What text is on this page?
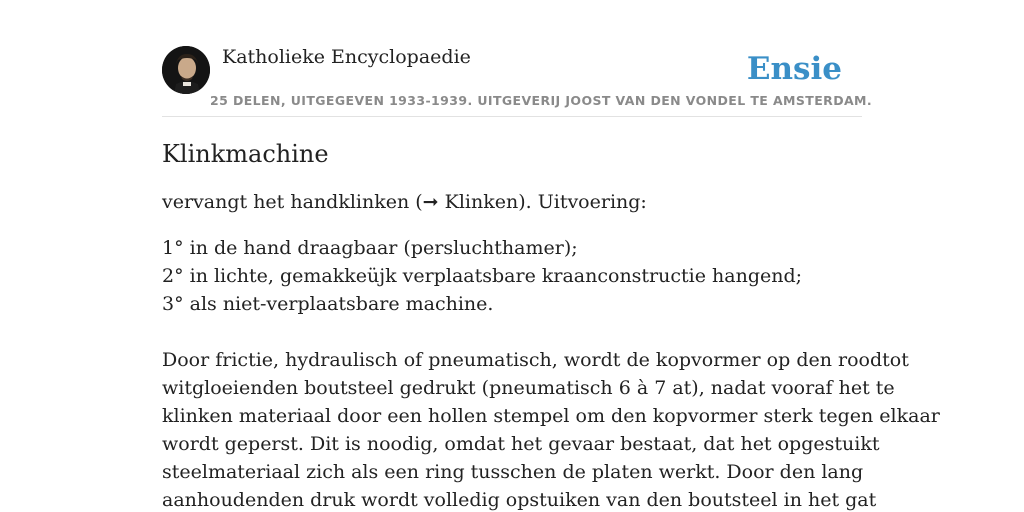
Katholieke Encyclopaedie
25 DELEN, UITGEGEVEN 1933-1939. UITGEVERIJ JOOST VAN DEN VONDEL TE AMSTERDAM.
Ensie
Klinkmachine

vervangt het handklinken (➞ Klinken). Uitvoering:

1° in de hand draagbaar (persluchthamer);
2° in lichte, gemakkeüjk verplaatsbare kraanconstructie hangend;
3° als niet-verplaatsbare machine.
Door frictie, hydraulisch of pneumatisch, wordt de kopvormer op den roodtot
witgloeienden boutsteel gedrukt (pneumatisch 6 à 7 at), nadat vooraf het te
klinken materiaal door een hollen stempel om den kopvormer sterk tegen elkaar
wordt geperst. Dit is noodig, omdat het gevaar bestaat, dat het opgestuikt
steelmateriaal zich als een ring tusschen de platen werkt. Door den lang
aanhoudenden druk wordt volledig opstuiken van den boutsteel in het gat
